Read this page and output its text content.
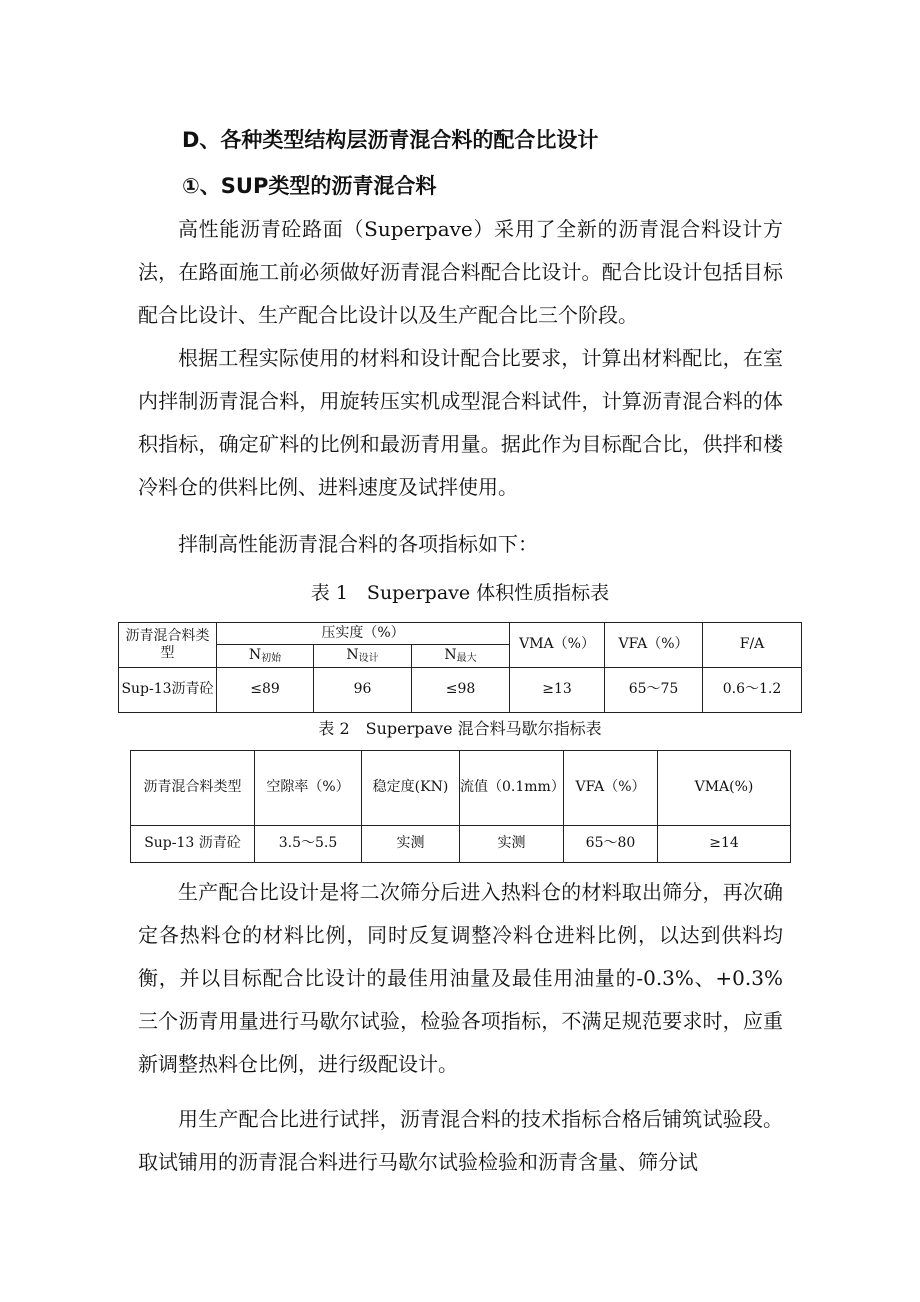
D、各种类型结构层沥青混合料的配合比设计
①、SUP类型的沥青混合料

高性能沥青砼路面（Superpave）采用了全新的沥青混合料设计方法，在路面施工前必须做好沥青混合料配合比设计。配合比设计包括目标配合比设计、生产配合比设计以及生产配合比三个阶段。

根据工程实际使用的材料和设计配合比要求，计算出材料配比，在室内拌制沥青混合料，用旋转压实机成型混合料试件，计算沥青混合料的体积指标，确定矿料的比例和最沥青用量。据此作为目标配合比，供拌和楼冷料仓的供料比例、进料速度及试拌使用。

拌制高性能沥青混合料的各项指标如下：

表 1　Superpave 体积性质指标表
沥青混合料类型	压实度（%）			VMA（%）	VFA（%）	F/A
	$N_{初始}$	$N_{设计}$	$N_{最大}$
Sup-13沥青砼	≤89	96	≤98	≥13	65～75	0.6～1.2
表 2　Superpave 混合料马歇尔指标表
沥青混合料类型	空隙率（%）	稳定度(KN)	流值（0.1mm）	VFA（%）	VMA(%)
Sup-13 沥青砼	3.5～5.5	实测	实测	65～80	≥14

生产配合比设计是将二次筛分后进入热料仓的材料取出筛分，再次确定各热料仓的材料比例，同时反复调整冷料仓进料比例，以达到供料均衡，并以目标配合比设计的最佳用油量及最佳用油量的-0.3%、+0.3%三个沥青用量进行马歇尔试验，检验各项指标，不满足规范要求时，应重新调整热料仓比例，进行级配设计。

用生产配合比进行试拌，沥青混合料的技术指标合格后铺筑试验段。取试铺用的沥青混合料进行马歇尔试验检验和沥青含量、筛分试
